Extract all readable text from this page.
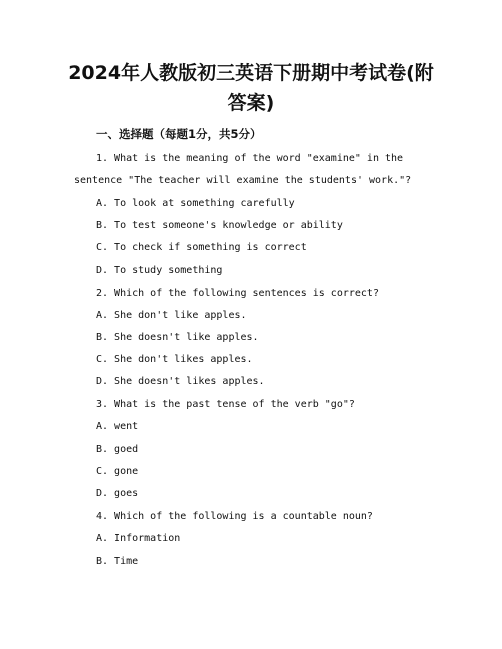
2024年人教版初三英语下册期中考试卷(附
答案)
一、选择题（每题1分，共5分）
1. What is the meaning of the word "examine" in the
sentence "The teacher will examine the students' work."?
A. To look at something carefully
B. To test someone's knowledge or ability
C. To check if something is correct
D. To study something
2. Which of the following sentences is correct?
A. She don't like apples.
B. She doesn't like apples.
C. She don't likes apples.
D. She doesn't likes apples.
3. What is the past tense of the verb "go"?
A. went
B. goed
C. gone
D. goes
4. Which of the following is a countable noun?
A. Information
B. Time
